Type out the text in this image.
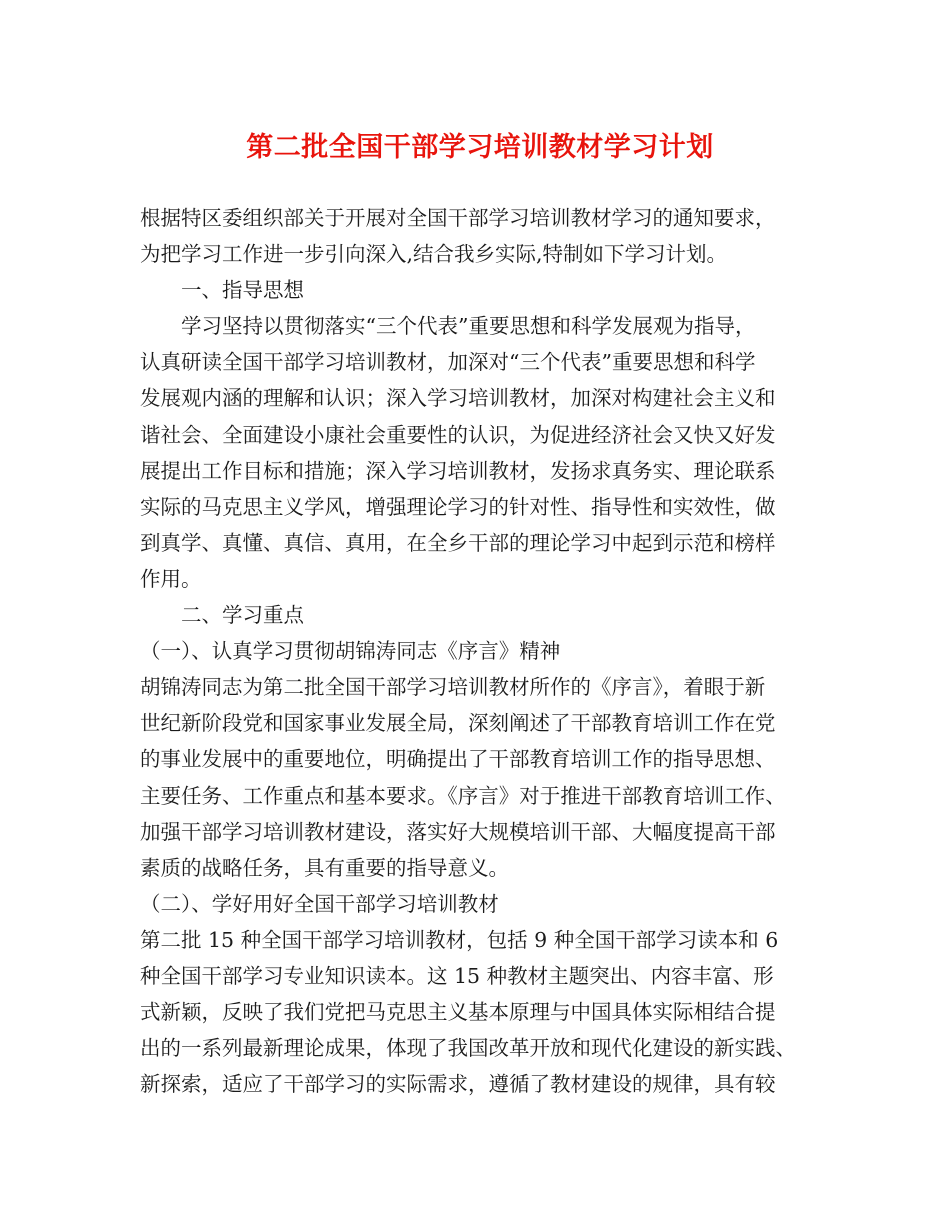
第二批全国干部学习培训教材学习计划
根据特区委组织部关于开展对全国干部学习培训教材学习的通知要求，
为把学习工作进一步引向深入,结合我乡实际,特制如下学习计划。
一、指导思想
学习坚持以贯彻落实“三个代表”重要思想和科学发展观为指导，
认真研读全国干部学习培训教材，加深对“三个代表”重要思想和科学
发展观内涵的理解和认识；深入学习培训教材，加深对构建社会主义和
谐社会、全面建设小康社会重要性的认识，为促进经济社会又快又好发
展提出工作目标和措施；深入学习培训教材，发扬求真务实、理论联系
实际的马克思主义学风，增强理论学习的针对性、指导性和实效性，做
到真学、真懂、真信、真用，在全乡干部的理论学习中起到示范和榜样
作用。
二、学习重点
（一）、认真学习贯彻胡锦涛同志《序言》精神
胡锦涛同志为第二批全国干部学习培训教材所作的《序言》，着眼于新
世纪新阶段党和国家事业发展全局，深刻阐述了干部教育培训工作在党
的事业发展中的重要地位，明确提出了干部教育培训工作的指导思想、
主要任务、工作重点和基本要求。《序言》对于推进干部教育培训工作、
加强干部学习培训教材建设，落实好大规模培训干部、大幅度提高干部
素质的战略任务，具有重要的指导意义。
（二）、学好用好全国干部学习培训教材
第二批 15 种全国干部学习培训教材，包括 9 种全国干部学习读本和 6
种全国干部学习专业知识读本。这 15 种教材主题突出、内容丰富、形
式新颖，反映了我们党把马克思主义基本原理与中国具体实际相结合提
出的一系列最新理论成果，体现了我国改革开放和现代化建设的新实践、
新探索，适应了干部学习的实际需求，遵循了教材建设的规律，具有较
